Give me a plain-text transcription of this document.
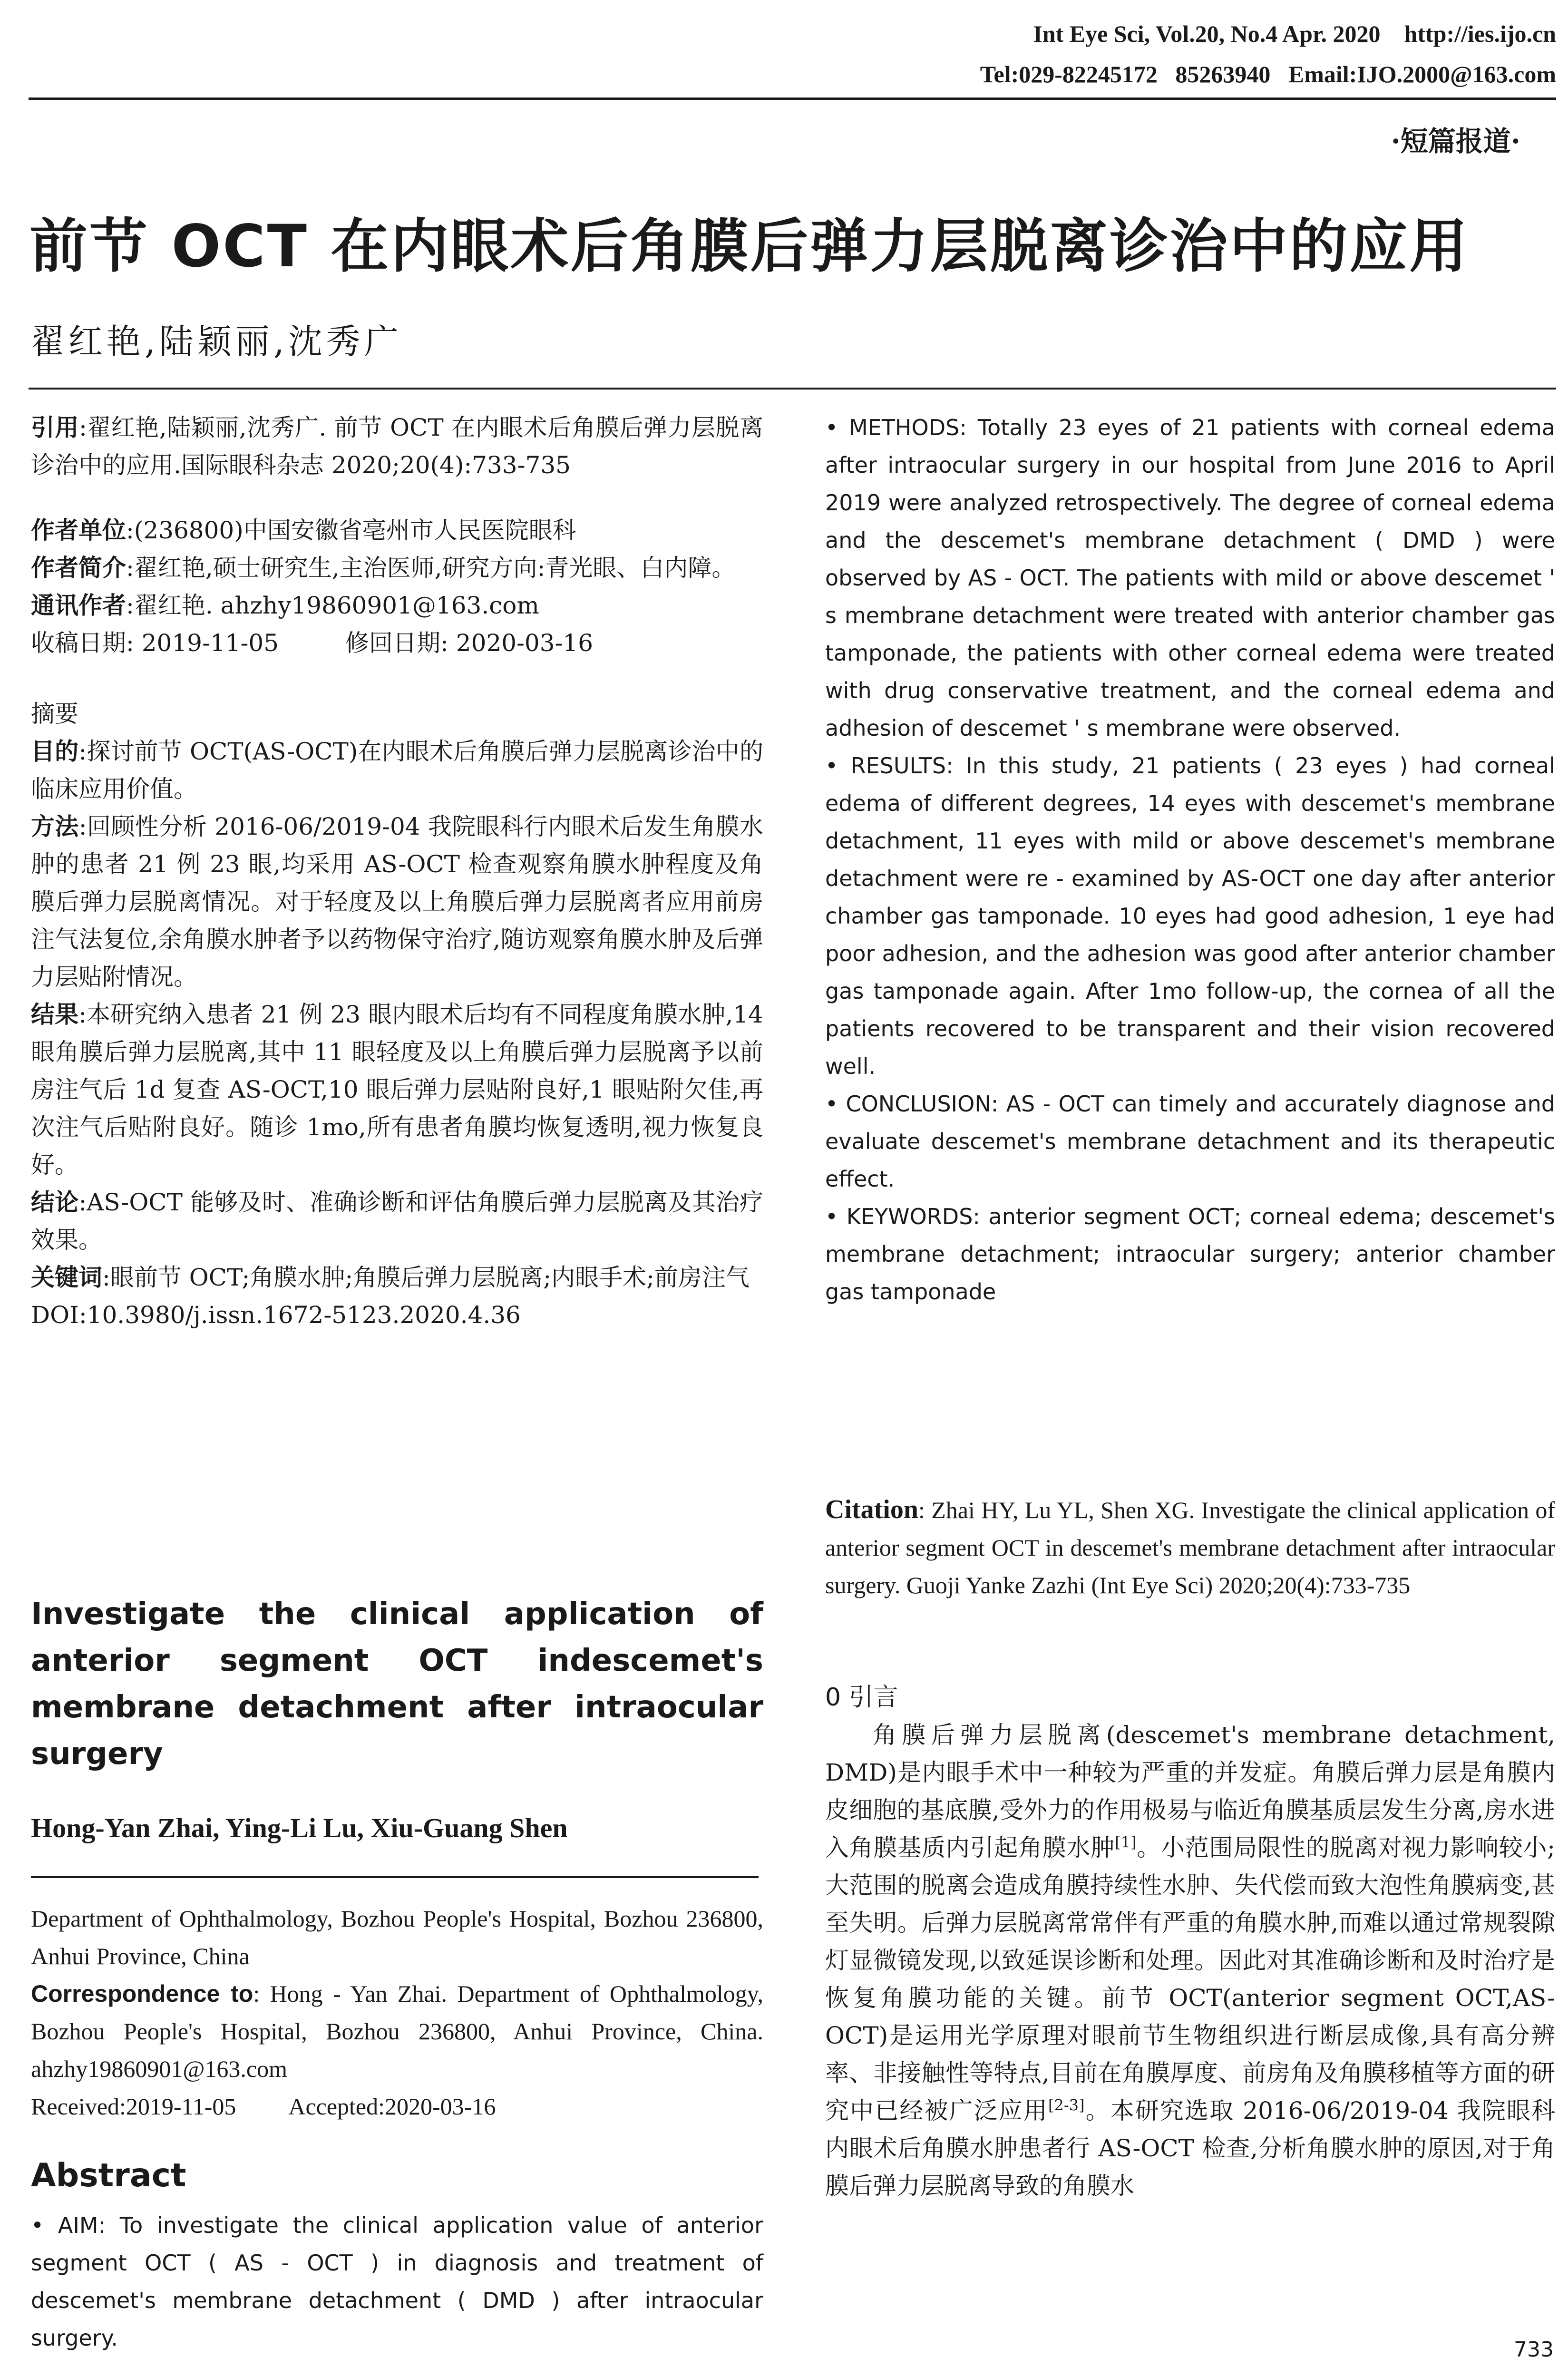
Int Eye Sci, Vol.20, No.4 Apr. 2020    http://ies.ijo.cn
Tel:029-82245172   85263940   Email:IJO.2000@163.com
·短篇报道·
前节 OCT 在内眼术后角膜后弹力层脱离诊治中的应用
翟红艳,陆颖丽,沈秀广

引用:翟红艳,陆颖丽,沈秀广. 前节 OCT 在内眼术后角膜后弹力层脱离诊治中的应用.国际眼科杂志 2020;20(4):733-735

作者单位:(236800)中国安徽省亳州市人民医院眼科

作者简介:翟红艳,硕士研究生,主治医师,研究方向:青光眼、白内障。

通讯作者:翟红艳. ahzhy19860901@163.com

收稿日期: 2019-11-05	修回日期: 2020-03-16

摘要

目的:探讨前节 OCT(AS-OCT)在内眼术后角膜后弹力层脱离诊治中的临床应用价值。

方法:回顾性分析 2016-06/2019-04 我院眼科行内眼术后发生角膜水肿的患者 21 例 23 眼,均采用 AS-OCT 检查观察角膜水肿程度及角膜后弹力层脱离情况。对于轻度及以上角膜后弹力层脱离者应用前房注气法复位,余角膜水肿者予以药物保守治疗,随访观察角膜水肿及后弹力层贴附情况。

结果:本研究纳入患者 21 例 23 眼内眼术后均有不同程度角膜水肿,14 眼角膜后弹力层脱离,其中 11 眼轻度及以上角膜后弹力层脱离予以前房注气后 1d 复查 AS-OCT,10 眼后弹力层贴附良好,1 眼贴附欠佳,再次注气后贴附良好。随诊 1mo,所有患者角膜均恢复透明,视力恢复良好。

结论:AS-OCT 能够及时、准确诊断和评估角膜后弹力层脱离及其治疗效果。

关键词:眼前节 OCT;角膜水肿;角膜后弹力层脱离;内眼手术;前房注气

DOI:10.3980/j.issn.1672-5123.2020.4.36

Investigate the clinical application of anterior segment OCT indescemet's membrane detachment after intraocular surgery
Hong-Yan Zhai, Ying-Li Lu, Xiu-Guang Shen

Department of Ophthalmology, Bozhou People's Hospital, Bozhou 236800, Anhui Province, China

Correspondence to: Hong - Yan Zhai. Department of Ophthalmology, Bozhou People's Hospital, Bozhou 236800, Anhui Province, China. ahzhy19860901@163.com

Received:2019-11-05 Accepted:2020-03-16

Abstract

• AIM: To investigate the clinical application value of anterior segment OCT ( AS - OCT ) in diagnosis and treatment of descemet's membrane detachment ( DMD ) after intraocular surgery.

• METHODS: Totally 23 eyes of 21 patients with corneal edema after intraocular surgery in our hospital from June 2016 to April 2019 were analyzed retrospectively. The degree of corneal edema and the descemet's membrane detachment ( DMD ) were observed by AS - OCT. The patients with mild or above descemet ' s membrane detachment were treated with anterior chamber gas tamponade, the patients with other corneal edema were treated with drug conservative treatment, and the corneal edema and adhesion of descemet ' s membrane were observed.

• RESULTS: In this study, 21 patients ( 23 eyes ) had corneal edema of different degrees, 14 eyes with descemet's membrane detachment, 11 eyes with mild or above descemet's membrane detachment were re - examined by AS-OCT one day after anterior chamber gas tamponade. 10 eyes had good adhesion, 1 eye had poor adhesion, and the adhesion was good after anterior chamber gas tamponade again. After 1mo follow-up, the cornea of all the patients recovered to be transparent and their vision recovered well.

• CONCLUSION: AS - OCT can timely and accurately diagnose and evaluate descemet's membrane detachment and its therapeutic effect.

• KEYWORDS: anterior segment OCT; corneal edema; descemet's membrane detachment; intraocular surgery; anterior chamber gas tamponade

Citation: Zhai HY, Lu YL, Shen XG. Investigate the clinical application of anterior segment OCT in descemet's membrane detachment after intraocular surgery. Guoji Yanke Zazhi (Int Eye Sci) 2020;20(4):733-735

0 引言

角膜后弹力层脱离(descemet's membrane detachment, DMD)是内眼手术中一种较为严重的并发症。角膜后弹力层是角膜内皮细胞的基底膜,受外力的作用极易与临近角膜基质层发生分离,房水进入角膜基质内引起角膜水肿[1]。小范围局限性的脱离对视力影响较小;大范围的脱离会造成角膜持续性水肿、失代偿而致大泡性角膜病变,甚至失明。后弹力层脱离常常伴有严重的角膜水肿,而难以通过常规裂隙灯显微镜发现,以致延误诊断和处理。因此对其准确诊断和及时治疗是恢复角膜功能的关键。前节 OCT(anterior segment OCT,AS-OCT)是运用光学原理对眼前节生物组织进行断层成像,具有高分辨率、非接触性等特点,目前在角膜厚度、前房角及角膜移植等方面的研究中已经被广泛应用[2-3]。本研究选取 2016-06/2019-04 我院眼科内眼术后角膜水肿患者行 AS-OCT 检查,分析角膜水肿的原因,对于角膜后弹力层脱离导致的角膜水

733
